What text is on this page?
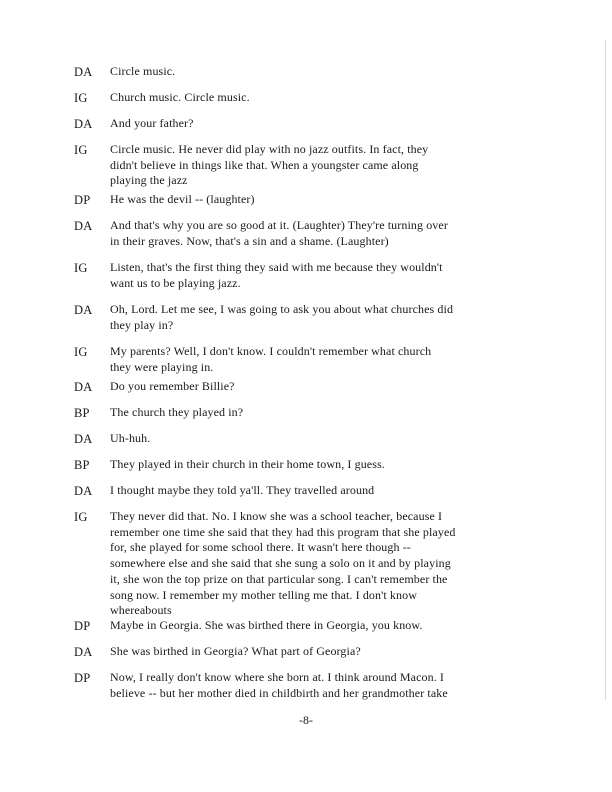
DA Circle music.
IG Church music. Circle music.
DA And your father?
IG Circle music. He never did play with no jazz outfits. In fact, they
didn't believe in things like that. When a youngster came along
playing the jazz
DP He was the devil -- (laughter)
DA And that's why you are so good at it. (Laughter) They're turning over
in their graves. Now, that's a sin and a shame. (Laughter)
IG Listen, that's the first thing they said with me because they wouldn't
want us to be playing jazz.
DA Oh, Lord. Let me see, I was going to ask you about what churches did
they play in?
IG My parents? Well, I don't know. I couldn't remember what church
they were playing in.
DA Do you remember Billie?
BP The church they played in?
DA Uh-huh.
BP They played in their church in their home town, I guess.
DA I thought maybe they told ya'll. They travelled around
IG They never did that. No. I know she was a school teacher, because I
remember one time she said that they had this program that she played
for, she played for some school there. It wasn't here though --
somewhere else and she said that she sung a solo on it and by playing
it, she won the top prize on that particular song. I can't remember the
song now. I remember my mother telling me that. I don't know
whereabouts
DP Maybe in Georgia. She was birthed there in Georgia, you know.
DA She was birthed in Georgia? What part of Georgia?
DP Now, I really don't know where she born at. I think around Macon. I
believe -- but her mother died in childbirth and her grandmother take
-8-
